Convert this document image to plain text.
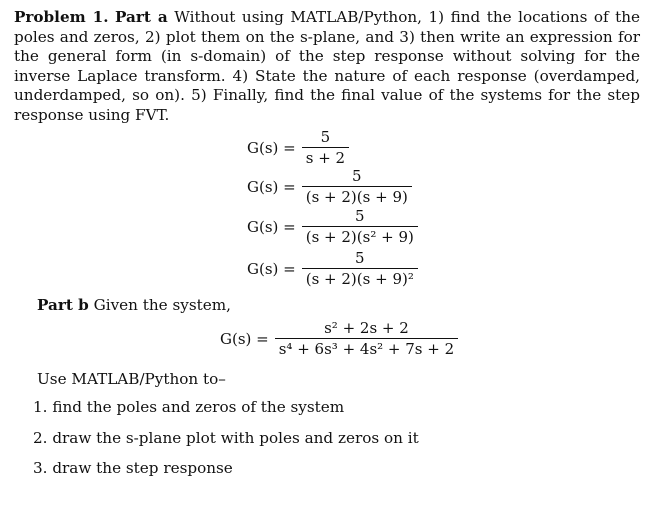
Problem 1. Part a Without using MATLAB/Python, 1) find the locations of the poles and zeros, 2) plot them on the s-plane, and 3) then write an expression for the general form (in s-domain) of the step response without solving for the inverse Laplace transform. 4) State the nature of each response (overdamped, underdamped, so on). 5) Finally, find the final value of the systems for the step response using FVT.

$G(s) = \frac{5}{s + 2}$
$G(s) = \frac{5}{(s + 2)(s + 9)}$
$G(s) = \frac{5}{\text{(s + 2)(s² + 9)}}$
$G(s) = \frac{5}{\text{(s + 2)(s + 9)²}}$

Part b Given the system,

$G(s) = \frac{\text{s² + 2s + 2}}{\text{s⁴ + 6s³ + 4s² + 7s + 2}}$

Use MATLAB/Python to–

1. find the poles and zeros of the system

2. draw the s-plane plot with poles and zeros on it

3. draw the step response
